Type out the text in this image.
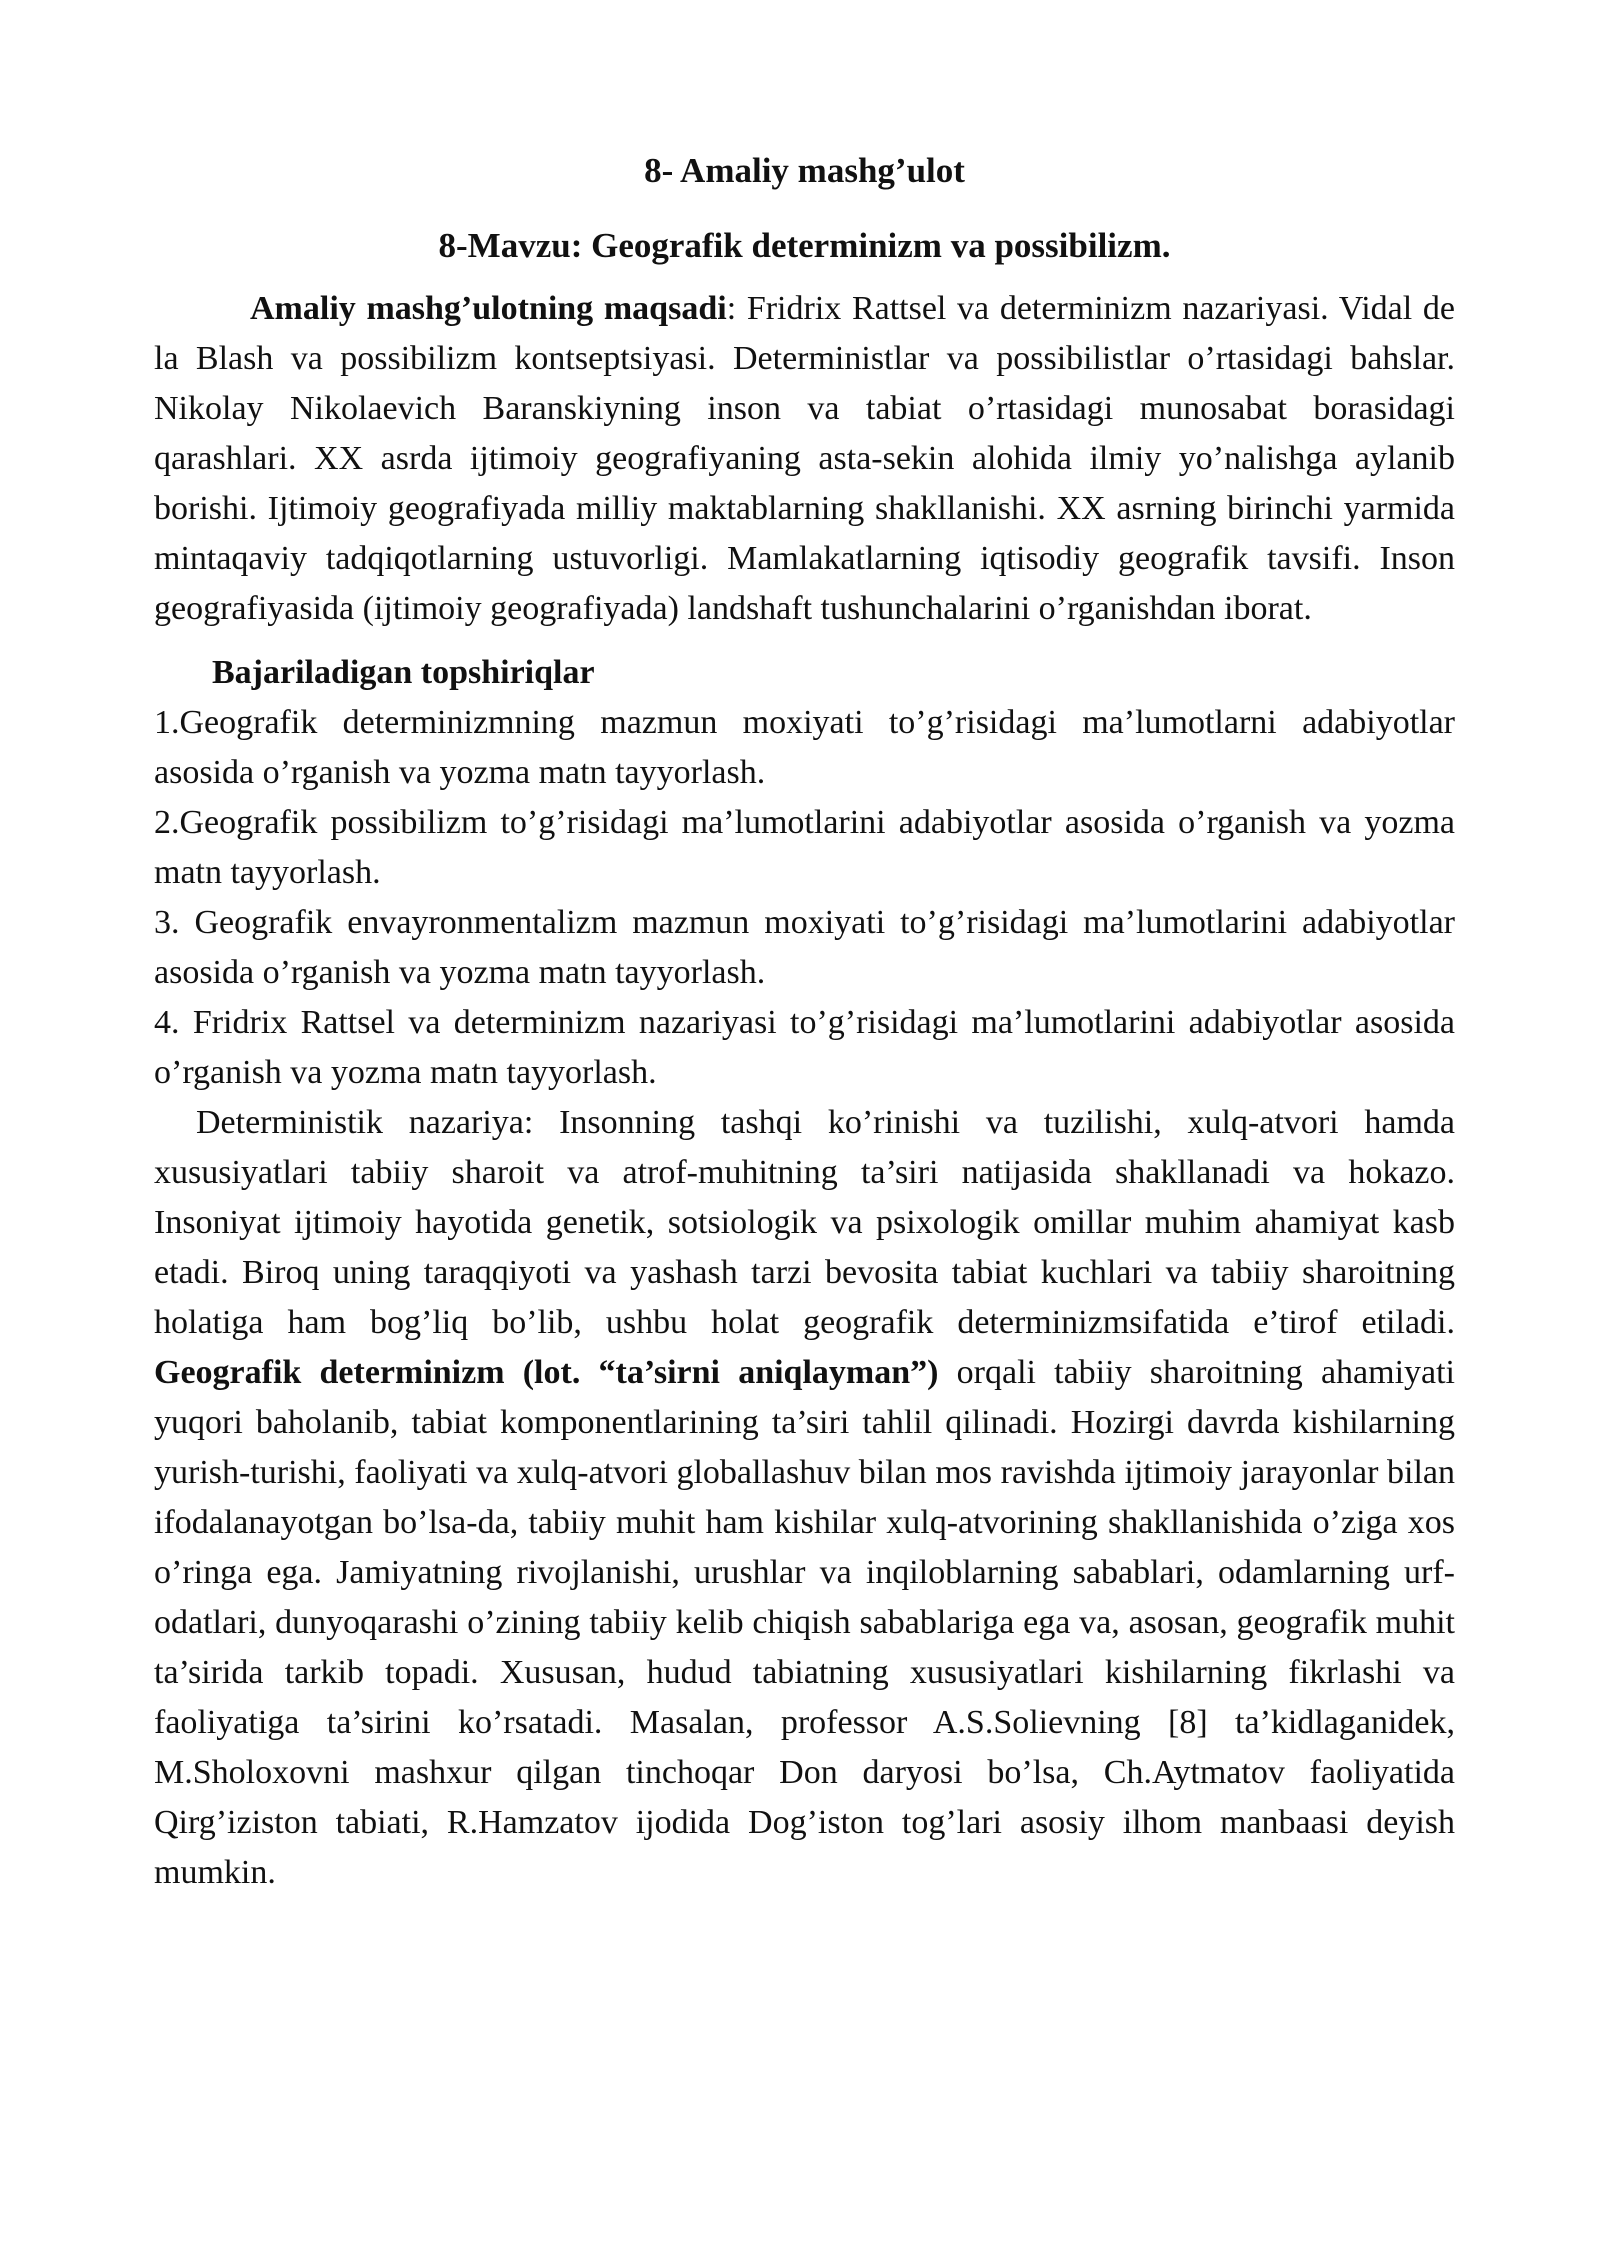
8- Amaliy mashg’ulot

8-Mavzu: Geografik determinizm va possibilizm.

Amaliy mashg’ulotning maqsadi: Fridrix Rattsel va determinizm nazariyasi. Vidal de la Blash va possibilizm kontseptsiyasi. Deterministlar va possibilistlar o’rtasidagi bahslar. Nikolay Nikolaevich Baranskiyning inson va tabiat o’rtasidagi munosabat borasidagi qarashlari. XX asrda ijtimoiy geografiyaning asta-sekin alohida ilmiy yo’nalishga aylanib borishi. Ijtimoiy geografiyada milliy maktablarning shakllanishi. XX asrning birinchi yarmida mintaqaviy tadqiqotlarning ustuvorligi. Mamlakatlarning iqtisodiy geografik tavsifi. Inson geografiyasida (ijtimoiy geografiyada) landshaft tushunchalarini o’rganishdan iborat.

Bajariladigan topshiriqlar

1.Geografik determinizmning mazmun moxiyati to’g’risidagi ma’lumotlarni adabiyotlar asosida o’rganish va yozma matn tayyorlash.

2.Geografik possibilizm to’g’risidagi ma’lumotlarini adabiyotlar asosida o’rganish va yozma matn tayyorlash.

3. Geografik envayronmentalizm mazmun moxiyati to’g’risidagi ma’lumotlarini adabiyotlar asosida o’rganish va yozma matn tayyorlash.

4. Fridrix Rattsel va determinizm nazariyasi to’g’risidagi ma’lumotlarini adabiyotlar asosida o’rganish va yozma matn tayyorlash.

Deterministik nazariya: Insonning tashqi ko’rinishi va tuzilishi, xulq-atvori hamda xususiyatlari tabiiy sharoit va atrof-muhitning ta’siri natijasida shakllanadi va hokazo. Insoniyat ijtimoiy hayotida genetik, sotsiologik va psixologik omillar muhim ahamiyat kasb etadi. Biroq uning taraqqiyoti va yashash tarzi bevosita tabiat kuchlari va tabiiy sharoitning holatiga ham bog’liq bo’lib, ushbu holat geografik determinizmsifatida e’tirof etiladi. Geografik determinizm (lot. “ta’sirni aniqlayman”) orqali tabiiy sharoitning ahamiyati yuqori baholanib, tabiat komponentlarining ta’siri tahlil qilinadi. Hozirgi davrda kishilarning yurish-turishi, faoliyati va xulq-atvori globallashuv bilan mos ravishda ijtimoiy jarayonlar bilan ifodalanayotgan bo’lsa-da, tabiiy muhit ham kishilar xulq-atvorining shakllanishida o’ziga xos o’ringa ega. Jamiyatning rivojlanishi, urushlar va inqiloblarning sabablari, odamlarning urf-odatlari, dunyoqarashi o’zining tabiiy kelib chiqish sabablariga ega va, asosan, geografik muhit ta’sirida tarkib topadi. Xususan, hudud tabiatning xususiyatlari kishilarning fikrlashi va faoliyatiga ta’sirini ko’rsatadi. Masalan, professor A.S.Solievning [8] ta’kidlaganidek, M.Sholoxovni mashxur qilgan tinchoqar Don daryosi bo’lsa, Ch.Aytmatov faoliyatida Qirg’iziston tabiati, R.Hamzatov ijodida Dog’iston tog’lari asosiy ilhom manbaasi deyish mumkin.
